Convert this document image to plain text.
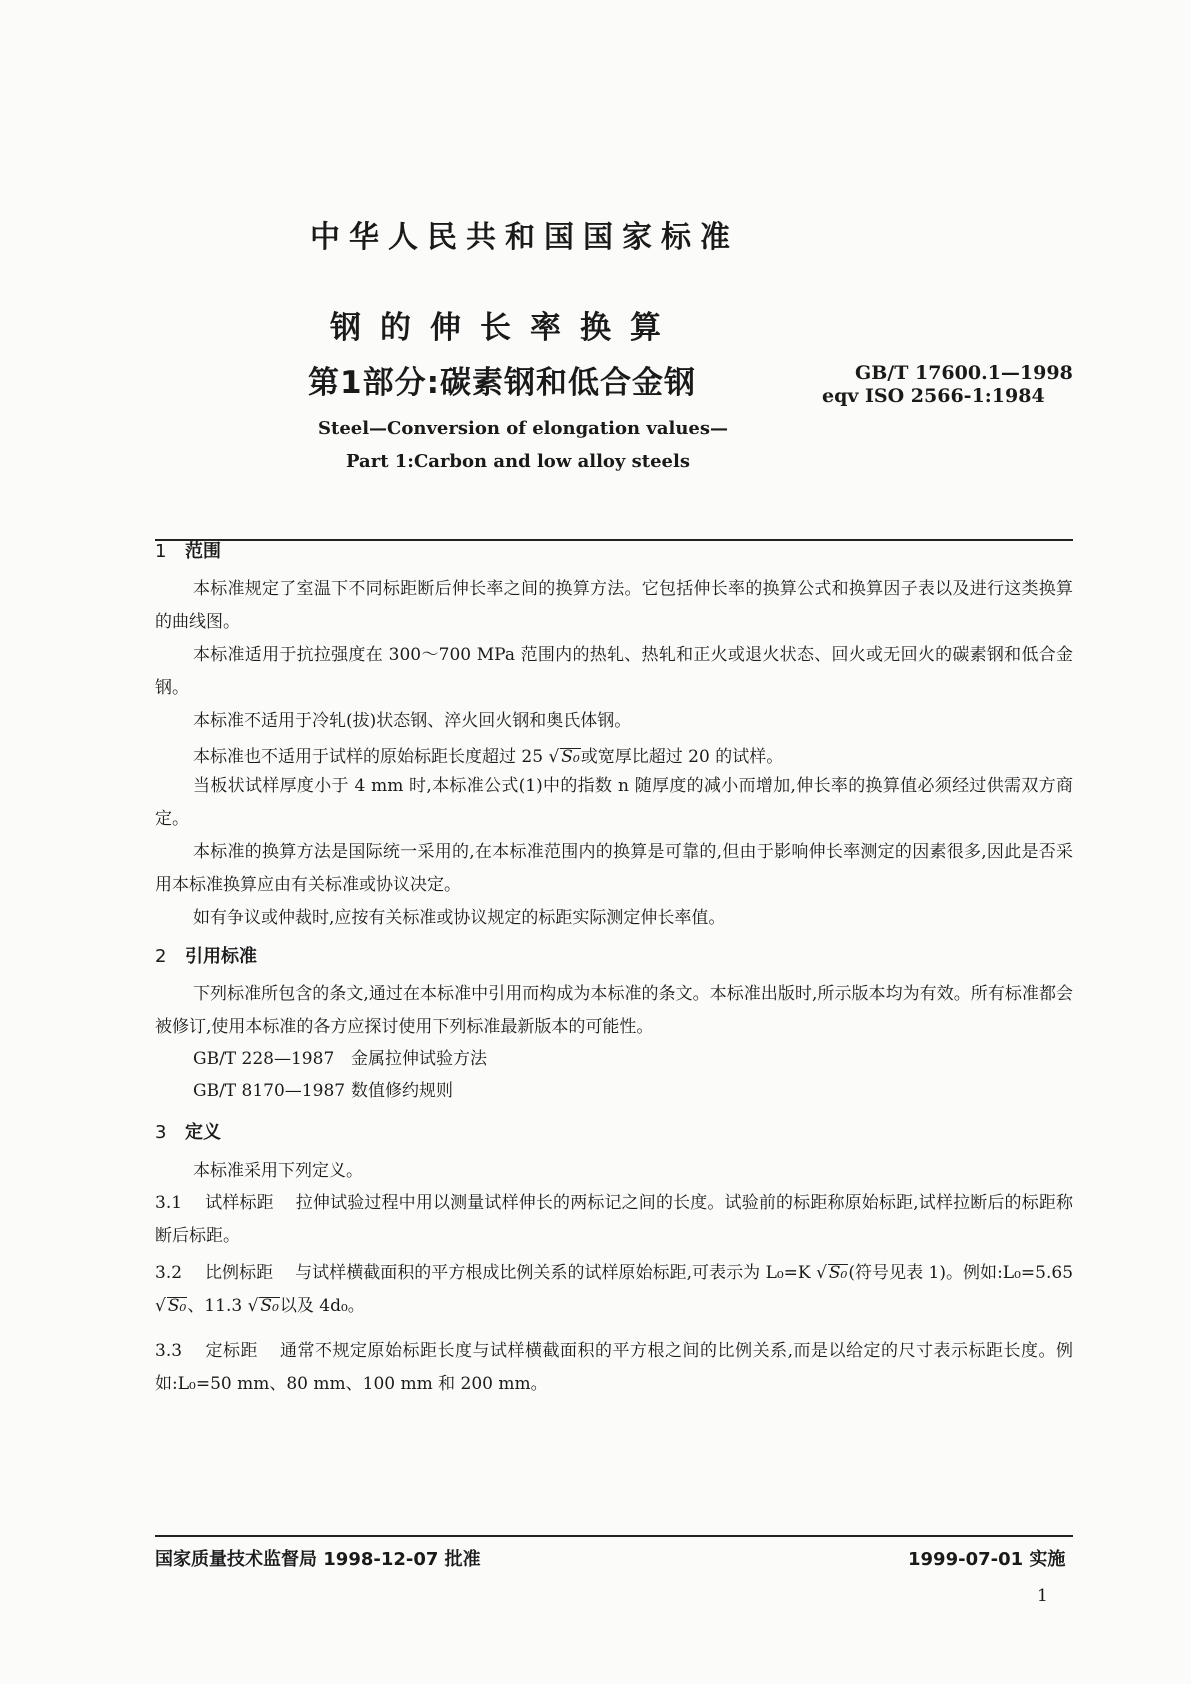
中华人民共和国国家标准
钢的伸长率换算
第1部分:碳素钢和低合金钢	GB/T 17600.1—1998
eqv ISO 2566-1:1984
Steel—Conversion of elongation values—
Part 1:Carbon and low alloy steels
1 范围
本标准规定了室温下不同标距断后伸长率之间的换算方法。它包括伸长率的换算公式和换算因子表以及进行这类换算的曲线图。
本标准适用于抗拉强度在 300～700 MPa 范围内的热轧、热轧和正火或退火状态、回火或无回火的碳素钢和低合金钢。
本标准不适用于冷轧(拔)状态钢、淬火回火钢和奥氏体钢。
本标准也不适用于试样的原始标距长度超过 25 √ S₀或宽厚比超过 20 的试样。
当板状试样厚度小于 4 mm 时,本标准公式(1)中的指数 n 随厚度的减小而增加,伸长率的换算值必须经过供需双方商定。
本标准的换算方法是国际统一采用的,在本标准范围内的换算是可靠的,但由于影响伸长率测定的因素很多,因此是否采用本标准换算应由有关标准或协议决定。
如有争议或仲裁时,应按有关标准或协议规定的标距实际测定伸长率值。
2 引用标准
下列标准所包含的条文,通过在本标准中引用而构成为本标准的条文。本标准出版时,所示版本均为有效。所有标准都会被修订,使用本标准的各方应探讨使用下列标准最新版本的可能性。
GB/T 228—1987 金属拉伸试验方法
GB/T 8170—1987 数值修约规则
3 定义
本标准采用下列定义。
3.1 试样标距 拉伸试验过程中用以测量试样伸长的两标记之间的长度。试验前的标距称原始标距,试样拉断后的标距称断后标距。
3.2 比例标距 与试样横截面积的平方根成比例关系的试样原始标距,可表示为 L₀=K √ S₀(符号见表 1)。例如:L₀=5.65 √ S₀、11.3 √ S₀以及 4d₀。
3.3 定标距 通常不规定原始标距长度与试样横截面积的平方根之间的比例关系,而是以给定的尺寸表示标距长度。例如:L₀=50 mm、80 mm、100 mm 和 200 mm。
国家质量技术监督局 1998-12-07 批准	1999-07-01 实施
1
